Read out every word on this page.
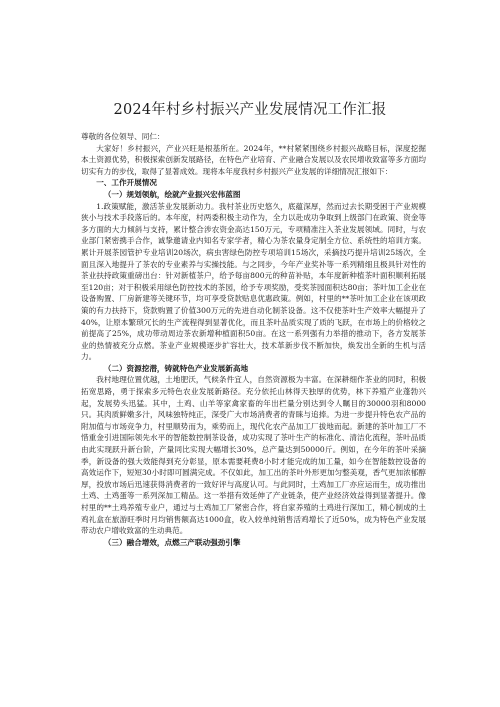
2024年村乡村振兴产业发展情况工作汇报

尊敬的各位领导、同仁：

大家好！乡村振兴，产业兴旺是根基所在。2024年，**村紧紧围绕乡村振兴战略目标，深度挖掘本土资源优势，积极探索创新发展路径，在特色产业培育、产业融合发展以及农民增收致富等多方面均切实有力的步伐，取得了显著成效。现将本年度我村乡村振兴产业发展的详细情况汇报如下：

一、工作开展情况

（一）规划领航，绘就产业振兴宏伟蓝图

1.政策赋能，激活茶业发展新动力。我村茶业历史悠久，底蕴深厚，然而过去长期受困于产业规模狭小与技术手段落后的。本年度，村两委积极主动作为，全力以赴成功争取到上级部门在政策、资金等多方面的大力倾斜与支持，累计整合涉农资金高达150万元，专项精准注入茶业发展领域。同时，与农业部门紧密携手合作，诚挚邀请业内知名专家学者，精心为茶农量身定制全方位、系统性的培训方案。累计开展茶园管护专业培训20场次，病虫害绿色防控专项培训15场次，采摘技巧提升培训25场次，全面且深入地提升了茶农的专业素养与实操技能。与之同步，今年产业奖补等一系列精细且极具针对性的茶业扶持政策重磅出台：针对新植茶户，给予每亩800元的种苗补贴，本年度新种植茶叶面积顺利拓展至120亩；对于积极采用绿色防控技术的茶园，给予专项奖励，受奖茶园面积达80亩；茶叶加工企业在设备购置、厂房新建等关键环节，均可享受贷款贴息优惠政策。例如，村里的**茶叶加工企业在该项政策的有力扶持下，贷款购置了价值300万元的先进自动化制茶设备。这不仅使茶叶生产效率大幅提升了40%，让原本繁琐冗长的生产流程得到显著优化，而且茶叶品质实现了质的飞跃，在市场上的价格较之前提高了25%，成功带动周边茶农新增种植面积50亩。在这一系列强有力举措的推动下，各方发展茶业的热情被充分点燃。茶业产业规模逐步扩容壮大，技术革新步伐不断加快，焕发出全新的生机与活力。

（二）资源挖潜，铸就特色产业发展新高地

我村地理位置优越，土地肥沃，气候条件宜人，自然资源极为丰富。在深耕细作茶业的同时，积极拓宽思路，勇于探索多元特色农业发展新路径。充分依托山林得天独厚的优势，林下养殖产业蓬勃兴起，发展势头迅猛。其中，土鸡、山羊等家禽家畜的年出栏量分别达到令人瞩目的30000羽和8000只。其肉质鲜嫩多汁，风味独特纯正，深受广大市场消费者的青睐与追捧。为进一步提升特色农产品的附加值与市场竞争力，村里顺势而为，乘势而上，现代化农产品加工厂拔地而起。新建的茶叶加工厂不惜重金引进国际领先水平的智能数控制茶设备，成功实现了茶叶生产的标准化、清洁化流程，茶叶品质由此实现跃升新台阶，产量同比实现大幅增长30%，总产量达到50000斤。例如，在今年的茶叶采摘季，新设备的强大效能得到充分彰显，原本需要耗费8小时才能完成的加工量，如今在智能数控设备的高效运作下，短短30小时即可圆满完成。不仅如此，加工出的茶叶外形更加匀整美观，香气更加浓郁醇厚，投放市场后迅速获得消费者的一致好评与高度认可。与此同时，土鸡加工厂亦应运而生，成功推出土鸡、土鸡蛋等一系列深加工精品。这一举措有效延伸了产业链条，使产业经济效益得到显著提升。像村里的**土鸡养殖专业户，通过与土鸡加工厂紧密合作，将自家养殖的土鸡进行深加工，精心制成的土鸡礼盒在旅游旺季时月均销售额高达1000盒，收入较单纯销售活鸡增长了近50%，成为特色产业发展带动农户增收致富的生动典范。

（三）融合增效，点燃三产联动强劲引擎
